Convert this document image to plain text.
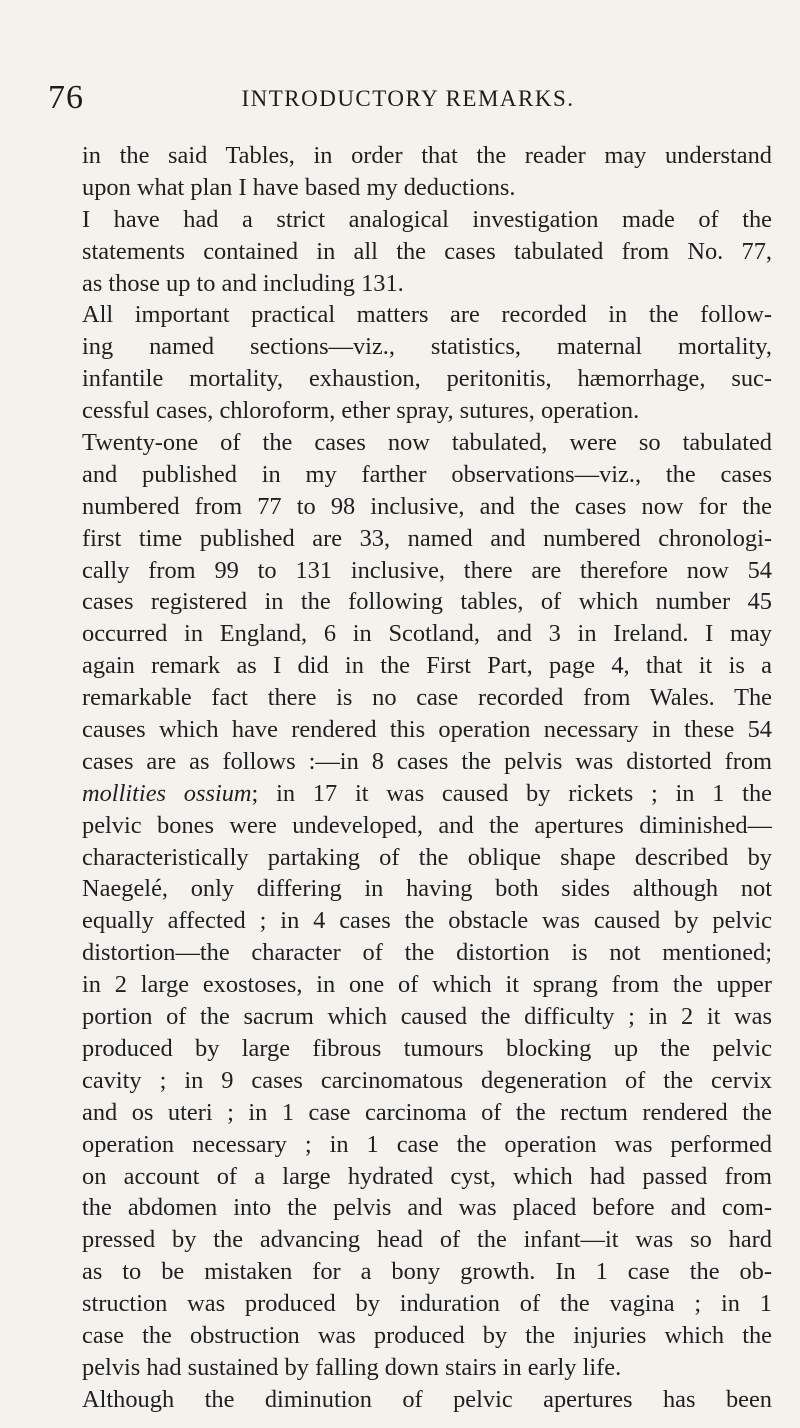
76	INTRODUCTORY REMARKS.
in the said Tables, in order that the reader may understand
upon what plan I have based my deductions.
I have had a strict analogical investigation made of the
statements contained in all the cases tabulated from No. 77,
as those up to and including 131.
All important practical matters are recorded in the follow-
ing named sections—viz., statistics, maternal mortality,
infantile mortality, exhaustion, peritonitis, hæmorrhage, suc-
cessful cases, chloroform, ether spray, sutures, operation.
Twenty-one of the cases now tabulated, were so tabulated
and published in my farther observations—viz., the cases
numbered from 77 to 98 inclusive, and the cases now for the
first time published are 33, named and numbered chronologi-
cally from 99 to 131 inclusive, there are therefore now 54
cases registered in the following tables, of which number 45
occurred in England, 6 in Scotland, and 3 in Ireland. I may
again remark as I did in the First Part, page 4, that it is a
remarkable fact there is no case recorded from Wales. The
causes which have rendered this operation necessary in these 54
cases are as follows :—in 8 cases the pelvis was distorted from
mollities ossium; in 17 it was caused by rickets ; in 1 the
pelvic bones were undeveloped, and the apertures diminished—
characteristically partaking of the oblique shape described by
Naegelé, only differing in having both sides although not
equally affected ; in 4 cases the obstacle was caused by pelvic
distortion—the character of the distortion is not mentioned;
in 2 large exostoses, in one of which it sprang from the upper
portion of the sacrum which caused the difficulty ; in 2 it was
produced by large fibrous tumours blocking up the pelvic
cavity ; in 9 cases carcinomatous degeneration of the cervix
and os uteri ; in 1 case carcinoma of the rectum rendered the
operation necessary ; in 1 case the operation was performed
on account of a large hydrated cyst, which had passed from
the abdomen into the pelvis and was placed before and com-
pressed by the advancing head of the infant—it was so hard
as to be mistaken for a bony growth. In 1 case the ob-
struction was produced by induration of the vagina ; in 1
case the obstruction was produced by the injuries which the
pelvis had sustained by falling down stairs in early life.
Although the diminution of pelvic apertures has been
